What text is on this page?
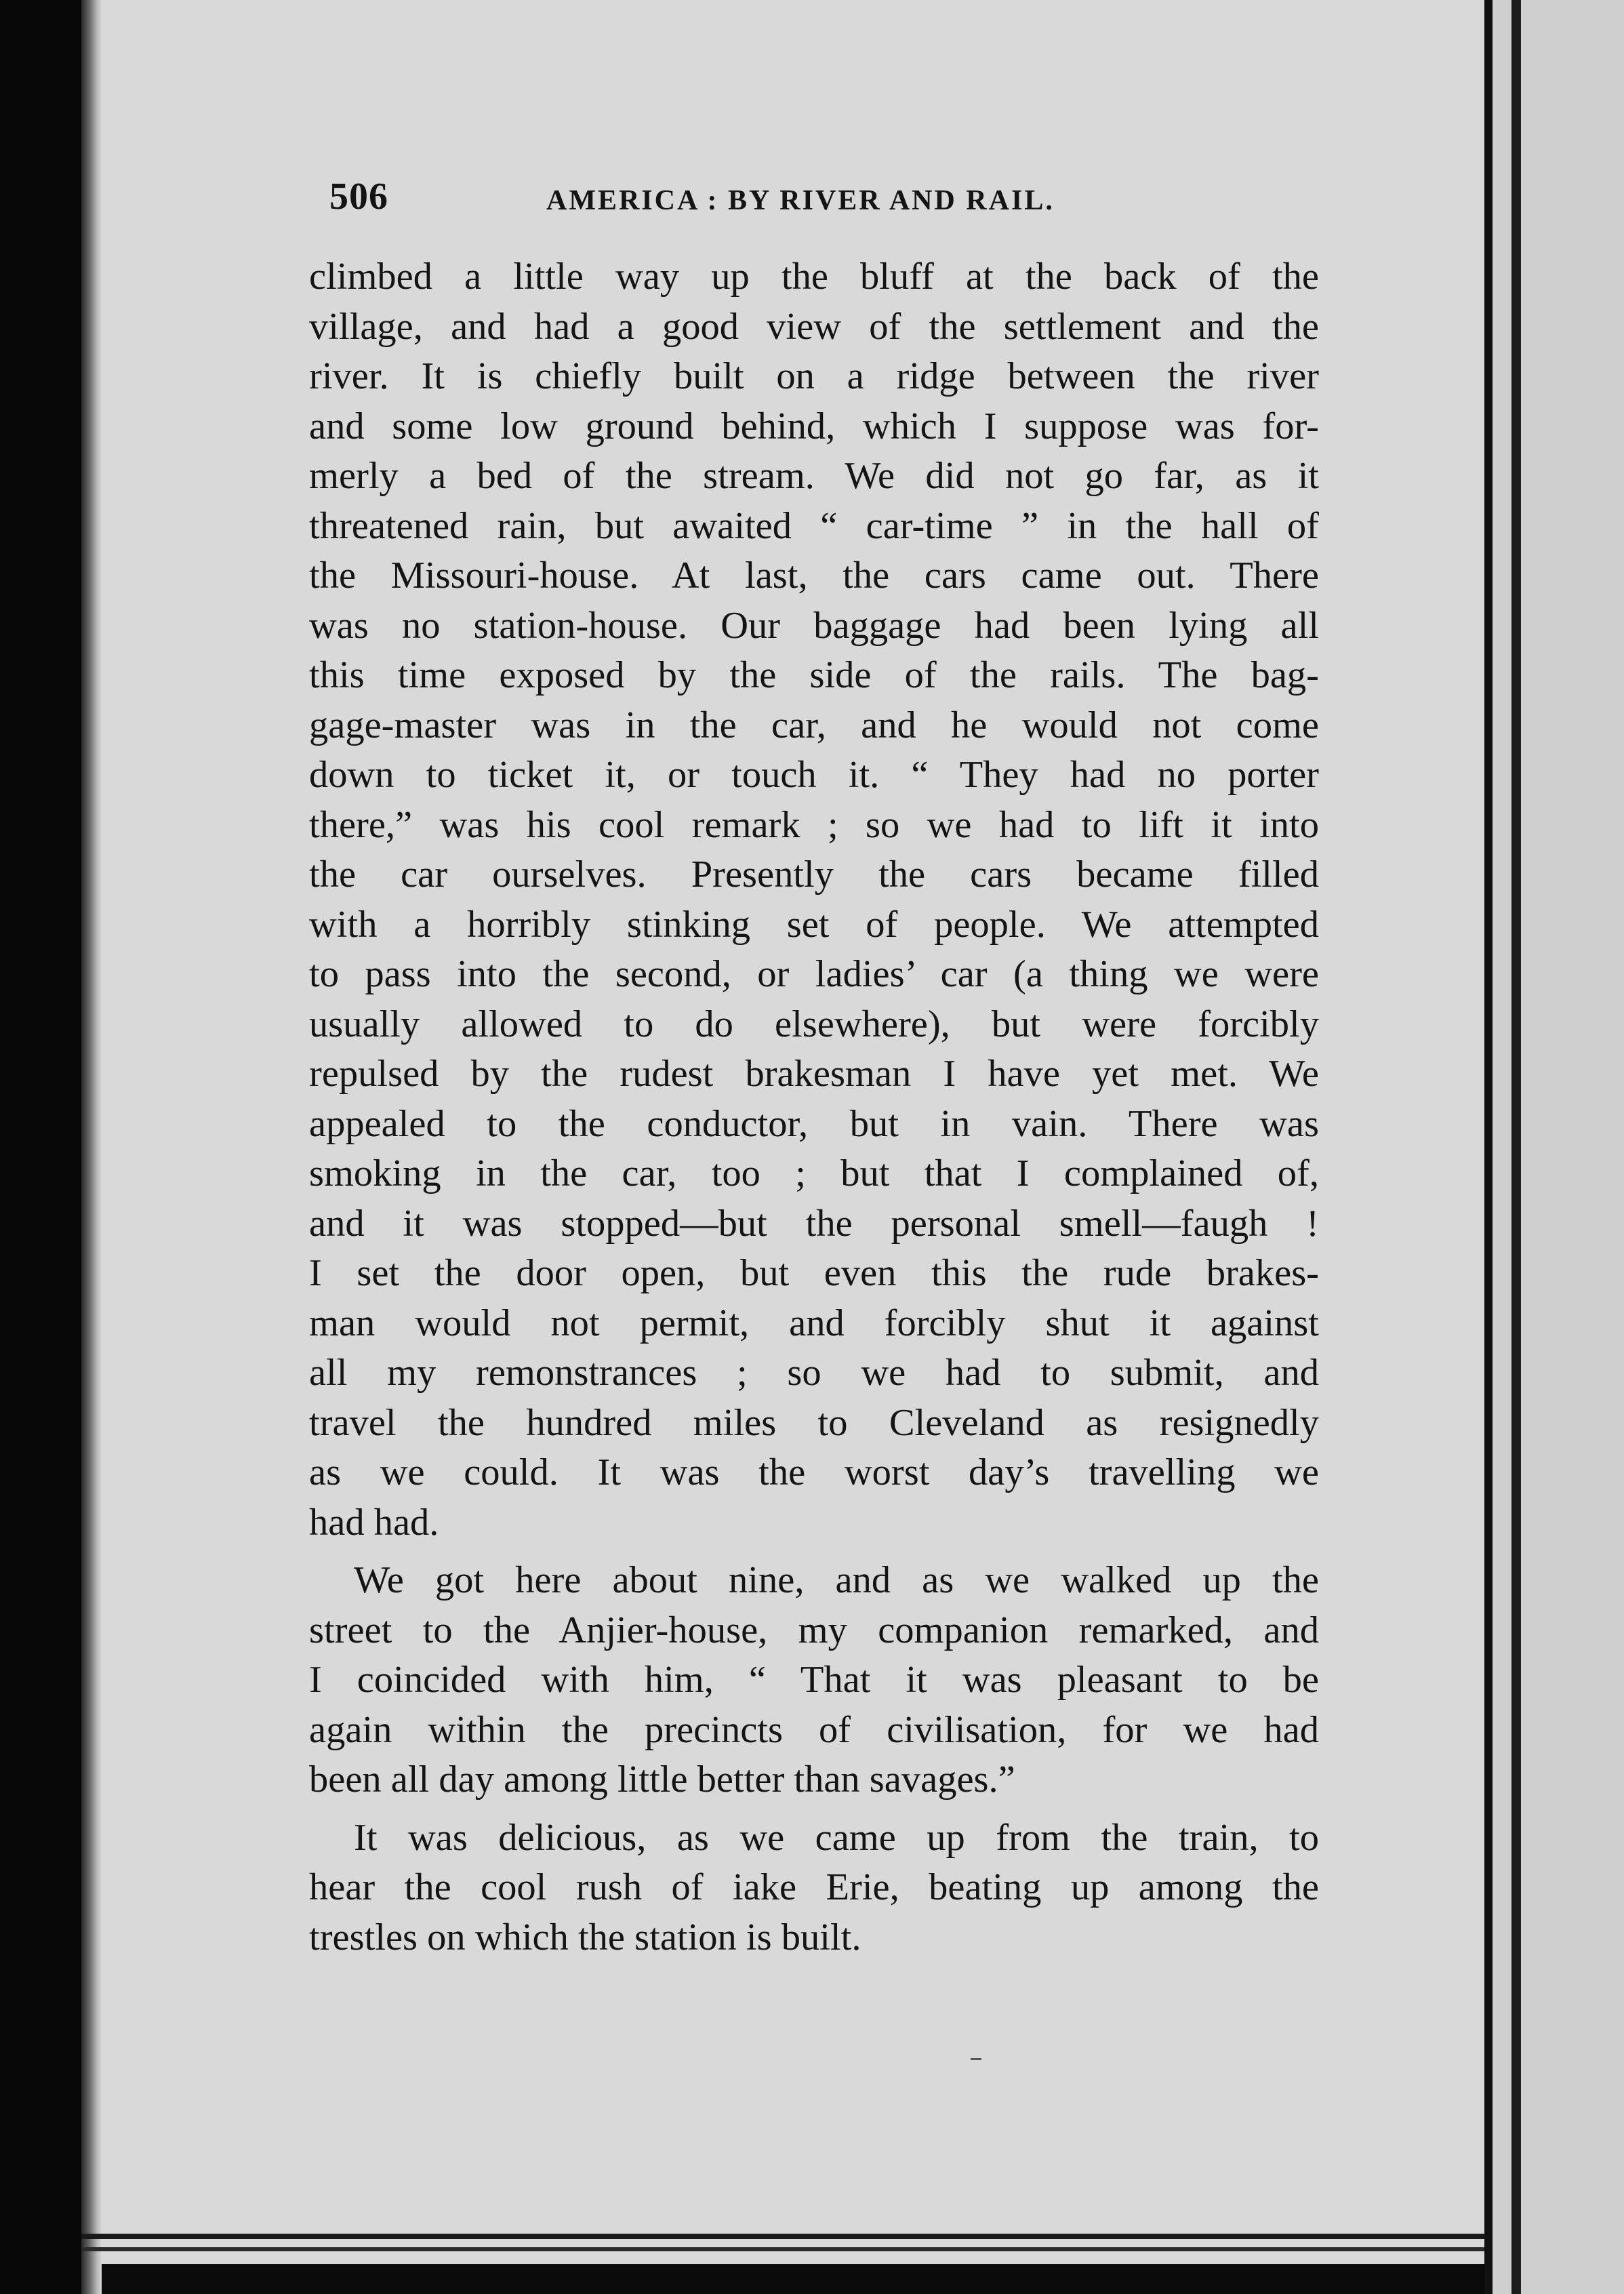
506	AMERICA : BY RIVER AND RAIL.
climbed a little way up the bluff at the back of the
village, and had a good view of the settlement and the
river. It is chiefly built on a ridge between the river
and some low ground behind, which I suppose was for-
merly a bed of the stream. We did not go far, as it
threatened rain, but awaited “ car-time ” in the hall of
the Missouri-house. At last, the cars came out. There
was no station-house. Our baggage had been lying all
this time exposed by the side of the rails. The bag-
gage-master was in the car, and he would not come
down to ticket it, or touch it. “ They had no porter
there,” was his cool remark ; so we had to lift it into
the car ourselves. Presently the cars became filled
with a horribly stinking set of people. We attempted
to pass into the second, or ladies’ car (a thing we were
usually allowed to do elsewhere), but were forcibly
repulsed by the rudest brakesman I have yet met. We
appealed to the conductor, but in vain. There was
smoking in the car, too ; but that I complained of,
and it was stopped—but the personal smell—faugh !
I set the door open, but even this the rude brakes-
man would not permit, and forcibly shut it against
all my remonstrances ; so we had to submit, and
travel the hundred miles to Cleveland as resignedly
as we could. It was the worst day’s travelling we
had had.
We got here about nine, and as we walked up the
street to the Anjier-house, my companion remarked, and
I coincided with him, “ That it was pleasant to be
again within the precincts of civilisation, for we had
been all day among little better than savages.”
It was delicious, as we came up from the train, to
hear the cool rush of iake Erie, beating up among the
trestles on which the station is built.
